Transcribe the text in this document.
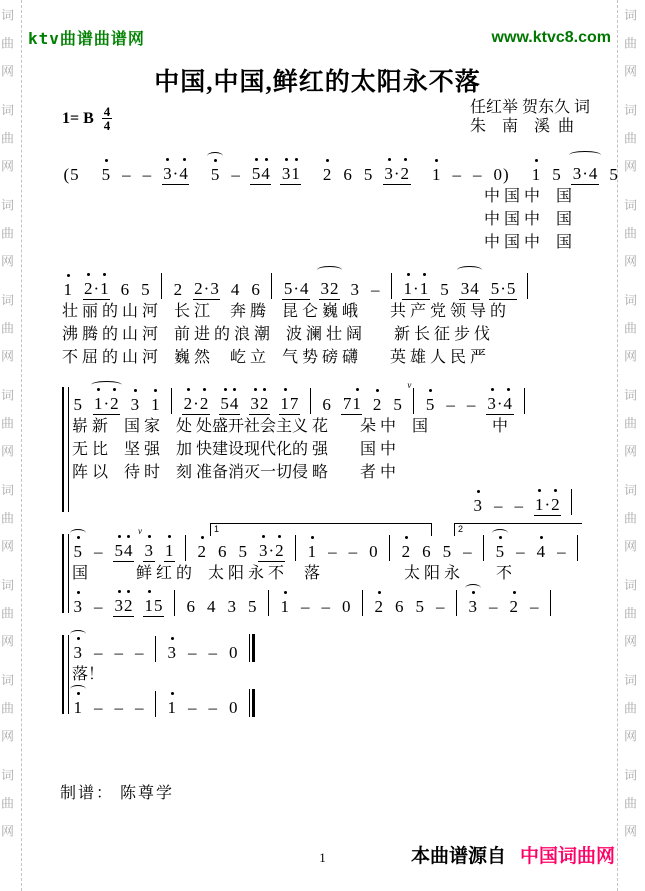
词
曲
网
词
曲
网
词
曲
网
词
曲
网
词
曲
网
词
曲
网
词
曲
网
词
曲
网
词
曲
网
词
曲
网
词
曲
网
词
曲
网
词
曲
网
词
曲
网
词
曲
网
词
曲
网
词
曲
网
词
曲
网
ktv曲谱曲谱网	www.ktvc8.com
中国,中国,鲜红的太阳永不落
任红举 贺东久 词
朱　南　溪  曲
1= B $\frac{4}{4}$
(5 5 – – 3
·4 5 – 5
4 3
1 2 6 5 3
·2 1 – – 0) 1 5 3·4 5
中 国 中　国
中 国 中　国
中 国 中　国
1 2
·1 6 5 2 2·3 4 6 5·4 32 3 – 1
·1 5 34 5·5
壮 丽 的 山 河　长 江　 奔 腾　昆 仑 巍 峨　　共 产 党 领 导 的
沸 腾 的 山 河　前 进 的 浪 潮　波 澜 壮 阔　　新 长 征 步 伐
不 屈 的 山 河　巍 然　 屹 立　气 势 磅 礴　　英 雄 人 民 严
5 1
·2 3 1 2
·2 5
4 3
2 1
7 6 71 2 5
v
5 – – 3
·4
崭 新　国 家　处 处盛开社会主义 花　　朵 中　国　　　　中
无 比　坚 强　加 快建设现代化的 强　　国 中
阵 以　待 时　刻 准备消灭一切侵 略　　者 中
3 – – 1
·2
1	2
5 – 5
4
v
3 1 2 6 5 3
·2 1 – – 0 2 6 5 – 5 – 4 –
国　　　鲜 红 的　太 阳 永 不　 落　　　　　 太 阳 永　　 不
3 – 3
2 1
5 6 4 3 5 1 – – 0 2 6 5 – 3 – 2 –
3 – – – 3 – – 0
落！
1 – – – 1 – – 0
制谱： 陈尊学
1	本曲谱源自 中国词曲网
